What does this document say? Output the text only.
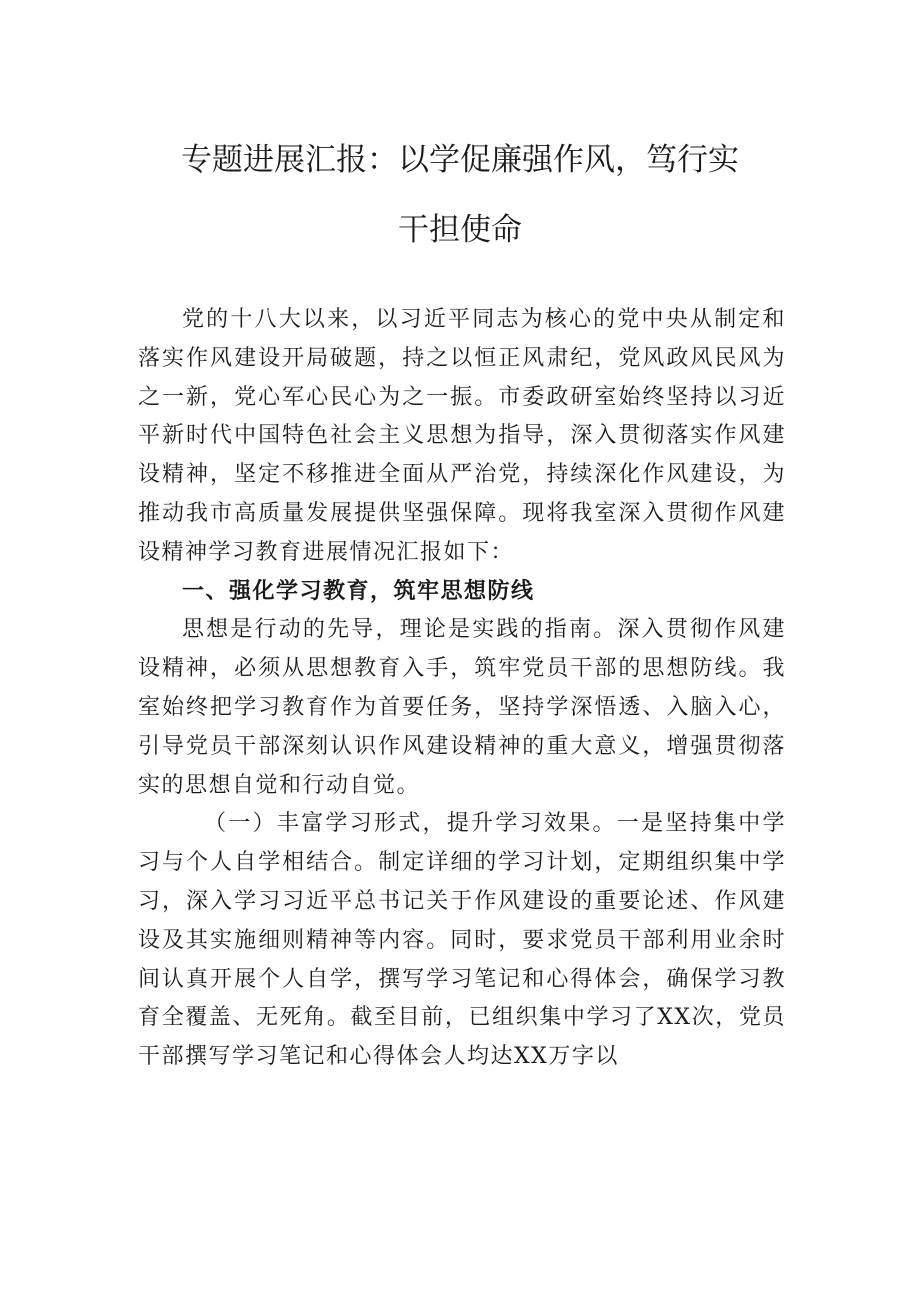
专题进展汇报：以学促廉强作风，笃行实
干担使命

党的十八大以来，以习近平同志为核心的党中央从制定和落实作风建设开局破题，持之以恒正风肃纪，党风政风民风为之一新，党心军心民心为之一振。市委政研室始终坚持以习近平新时代中国特色社会主义思想为指导，深入贯彻落实作风建设精神，坚定不移推进全面从严治党，持续深化作风建设，为推动我市高质量发展提供坚强保障。现将我室深入贯彻作风建设精神学习教育进展情况汇报如下：

一、强化学习教育，筑牢思想防线

思想是行动的先导，理论是实践的指南。深入贯彻作风建设精神，必须从思想教育入手，筑牢党员干部的思想防线。我室始终把学习教育作为首要任务，坚持学深悟透、入脑入心，引导党员干部深刻认识作风建设精神的重大意义，增强贯彻落实的思想自觉和行动自觉。

（一）丰富学习形式，提升学习效果。一是坚持集中学习与个人自学相结合。制定详细的学习计划，定期组织集中学习，深入学习习近平总书记关于作风建设的重要论述、作风建设及其实施细则精神等内容。同时，要求党员干部利用业余时间认真开展个人自学，撰写学习笔记和心得体会，确保学习教育全覆盖、无死角。截至目前，已组织集中学习了XX次，党员干部撰写学习笔记和心得体会人均达XX万字以
